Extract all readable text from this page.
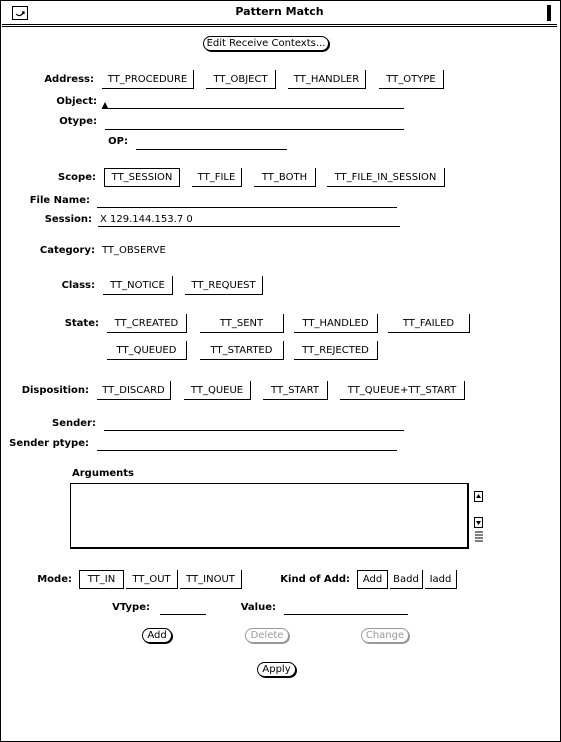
Pattern Match
Edit Receive Contexts...
Address:	TT_PROCEDURE	TT_OBJECT	TT_HANDLER	TT_OTYPE
Object:
Otype:
OP:
Scope:	TT_SESSION	TT_FILE	TT_BOTH	TT_FILE_IN_SESSION
File Name:
Session: X 129.144.153.7 0
Category: TT_OBSERVE
Class:	TT_NOTICE	TT_REQUEST
State:	TT_CREATED	TT_SENT	TT_HANDLED	TT_FAILED
TT_QUEUED	TT_STARTED	TT_REJECTED
Disposition:	TT_DISCARD	TT_QUEUE	TT_START	TT_QUEUE+TT_START
Sender:
Sender ptype:
Arguments
Mode:	TT_IN	TT_OUT	TT_INOUT	Kind of Add:	Add	Badd	Iadd
VType:	Value:
Add	Delete	Change
Apply
